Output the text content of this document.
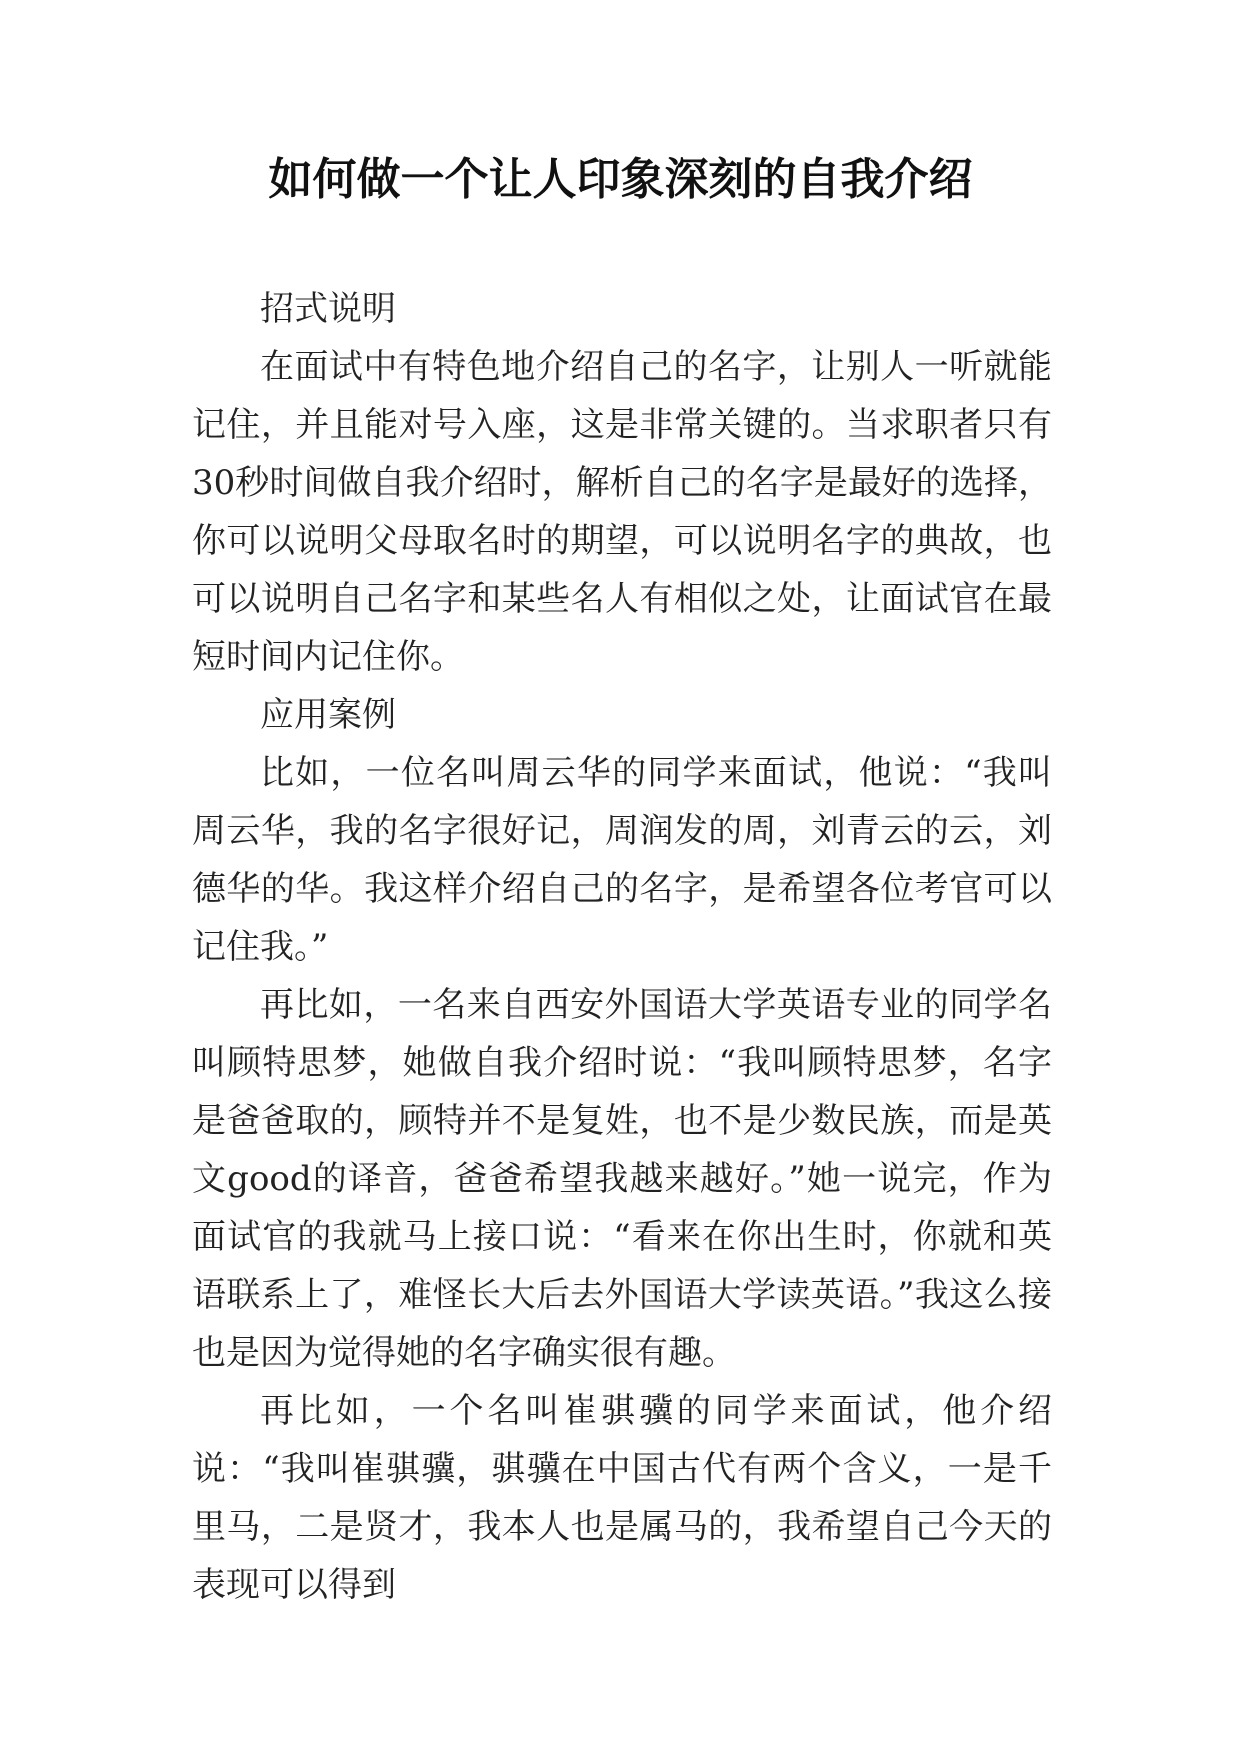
如何做一个让人印象深刻的自我介绍

招式说明

在面试中有特色地介绍自己的名字，让别人一听就能记住，并且能对号入座，这是非常关键的。当求职者只有30秒时间做自我介绍时，解析自己的名字是最好的选择，你可以说明父母取名时的期望，可以说明名字的典故，也可以说明自己名字和某些名人有相似之处，让面试官在最短时间内记住你。

应用案例

比如，一位名叫周云华的同学来面试，他说：“我叫周云华，我的名字很好记，周润发的周，刘青云的云，刘德华的华。我这样介绍自己的名字，是希望各位考官可以记住我。”

再比如，一名来自西安外国语大学英语专业的同学名叫顾特思梦，她做自我介绍时说：“我叫顾特思梦，名字是爸爸取的，顾特并不是复姓，也不是少数民族，而是英文good的译音，爸爸希望我越来越好。”她一说完，作为面试官的我就马上接口说：“看来在你出生时，你就和英语联系上了，难怪长大后去外国语大学读英语。”我这么接也是因为觉得她的名字确实很有趣。

再比如，一个名叫崔骐骥的同学来面试，他介绍说：“我叫崔骐骥，骐骥在中国古代有两个含义，一是千里马，二是贤才，我本人也是属马的，我希望自己今天的表现可以得到
